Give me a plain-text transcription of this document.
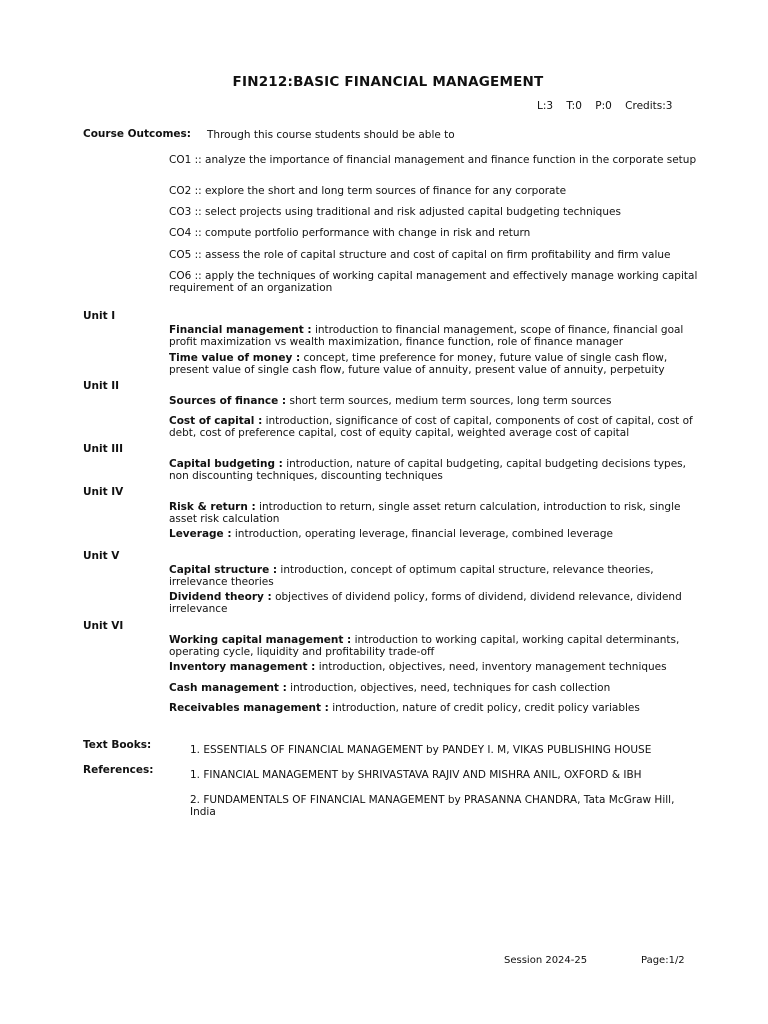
FIN212:BASIC FINANCIAL MANAGEMENT
L:3 T:0 P:0 Credits:3
Course Outcomes: Through this course students should be able to
CO1 :: analyze the importance of financial management and finance function in the corporate setup
CO2 :: explore the short and long term sources of finance for any corporate
CO3 :: select projects using traditional and risk adjusted capital budgeting techniques
CO4 :: compute portfolio performance with change in risk and return
CO5 :: assess the role of capital structure and cost of capital on firm profitability and firm value
CO6 :: apply the techniques of working capital management and effectively manage working capital requirement of an organization
Unit I
Financial management : introduction to financial management, scope of finance, financial goal profit maximization vs wealth maximization, finance function, role of finance manager
Time value of money : concept, time preference for money, future value of single cash flow, present value of single cash flow, future value of annuity, present value of annuity, perpetuity
Unit II
Sources of finance : short term sources, medium term sources, long term sources
Cost of capital : introduction, significance of cost of capital, components of cost of capital, cost of debt, cost of preference capital, cost of equity capital, weighted average cost of capital
Unit III
Capital budgeting : introduction, nature of capital budgeting, capital budgeting decisions types, non discounting techniques, discounting techniques
Unit IV
Risk & return : introduction to return, single asset return calculation, introduction to risk, single asset risk calculation
Leverage : introduction, operating leverage, financial leverage, combined leverage
Unit V
Capital structure : introduction, concept of optimum capital structure, relevance theories, irrelevance theories
Dividend theory : objectives of dividend policy, forms of dividend, dividend relevance, dividend irrelevance
Unit VI
Working capital management : introduction to working capital, working capital determinants, operating cycle, liquidity and profitability trade-off
Inventory management : introduction, objectives, need, inventory management techniques
Cash management : introduction, objectives, need, techniques for cash collection
Receivables management : introduction, nature of credit policy, credit policy variables
Text Books:	1. ESSENTIALS OF FINANCIAL MANAGEMENT by PANDEY I. M, VIKAS PUBLISHING HOUSE
References:	1. FINANCIAL MANAGEMENT by SHRIVASTAVA RAJIV AND MISHRA ANIL, OXFORD & IBH
2. FUNDAMENTALS OF FINANCIAL MANAGEMENT by PRASANNA CHANDRA, Tata McGraw Hill, India
Session 2024-25	Page:1/2
